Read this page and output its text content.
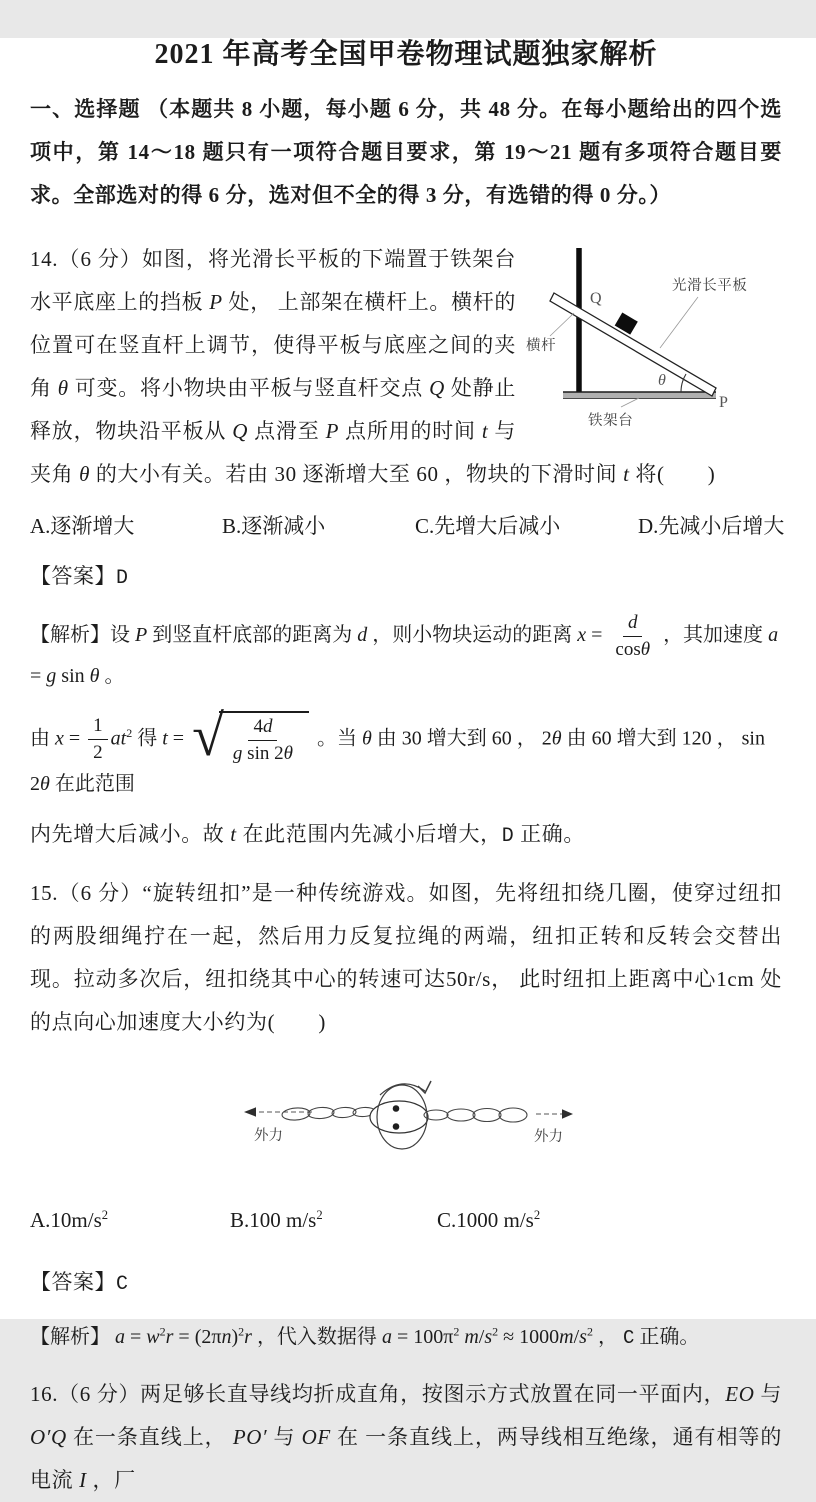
2021 年高考全国甲卷物理试题独家解析

一、选择题 （本题共 8 小题，每小题 6 分，共 48 分。在每小题给出的四个选项中，第 14～18 题只有一项符合题目要求，第 19～21 题有多项符合题目要求。全部选对的得 6 分，选对但不全的得 3 分，有选错的得 0 分。）

Q
P
θ
横杆
光滑长平板
铁架台
14.（6 分）如图，将光滑长平板的下端置于铁架台水平底座上的挡板 P 处， 上部架在横杆上。横杆的位置可在竖直杆上调节，使得平板与底座之间的夹角 θ 可变。将小物块由平板与竖直杆交点 Q 处静止释放，物块沿平板从 Q 点滑至 P 点所用的时间 t 与夹角 θ 的大小有关。若由 30 逐渐增大至 60 ，物块的下滑时间 t 将(　　)
A.逐渐增大	B.逐渐减小	C.先增大后减小	D.先减小后增大

【答案】D

【解析】设 P 到竖直杆底部的距离为 d ，则小物块运动的距离 $x = \frac{d}{\cos\theta}$ ，其加速度 a = g sin θ 。

由 $x = \frac{1}{2} at^2$ 得 t = √ $\frac{4d}{\text{g sin 2θ}}$ 。当 θ 由 30 增大到 60 ， 2θ 由 60 增大到 120 ， sin 2θ 在此范围

内先增大后减小。故 t 在此范围内先减小后增大，D 正确。

15.（6 分）“旋转纽扣”是一种传统游戏。如图，先将纽扣绕几圈，使穿过纽扣的两股细绳拧在一起，然后用力反复拉绳的两端，纽扣正转和反转会交替出现。拉动多次后，纽扣绕其中心的转速可达50r/s， 此时纽扣上距离中心1cm 处的点向心加速度大小约为(　　)
外力	外力
$A.10m/s^2$	B.100 $m/s^2$	C.1000 $m/s^2$

【答案】C

【解析】 $a = w^2r = (2\pi n)^2r$ ，代入数据得 $a = 100\pi^2$ $m/s^2 \approx 1000m/s^2$ ， C 正确。

16.（6 分）两足够长直导线均折成直角，按图示方式放置在同一平面内，EO 与 O′Q 在一条直线上， PO′ 与 OF 在 一条直线上，两导线相互绝缘，通有相等的电流 I ，厂
